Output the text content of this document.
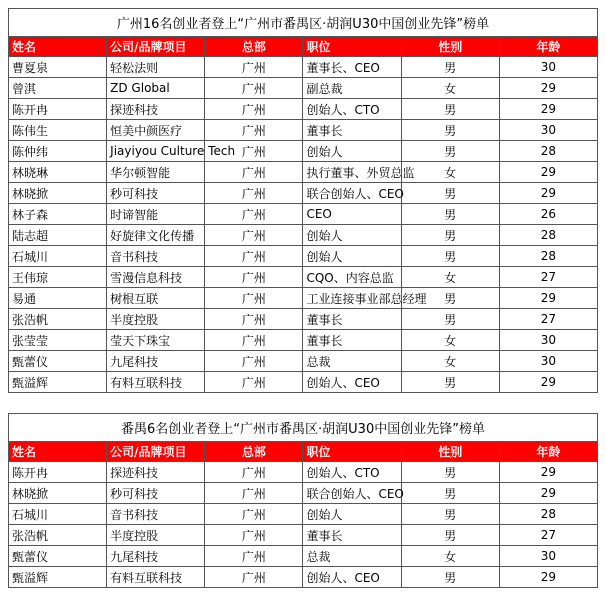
广州16名创业者登上“广州市番禺区·胡润U30中国创业先锋”榜单					
姓名	公司/品牌项目	总部	职位	性别	年龄
曹夏泉	轻松法则	广州	董事长、CEO	男	30
曾淇	ZD Global	广州	副总裁	女	29
陈开冉	探迹科技	广州	创始人、CTO	男	29
陈伟生	恒美中颜医疗	广州	董事长	男	30
陈仲纬	Jiayiyou Culture Tech	广州	创始人	男	28
林晓琳	华尔顿智能	广州	执行董事、外贸总监	女	29
林晓掀	秒可科技	广州	联合创始人、CEO	男	29
林子森	时谛智能	广州	CEO	男	26
陆志超	好旋律文化传播	广州	创始人	男	28
石城川	音书科技	广州	创始人	男	28
王伟琼	雪漫信息科技	广州	CQO、内容总监	女	27
易通	树根互联	广州	工业连接事业部总经理	男	29
张浩帆	半度控股	广州	董事长	男	27
张莹莹	莹天下珠宝	广州	董事长	女	30
甄蕾仪	九尾科技	广州	总裁	女	30
甄溢辉	有料互联科技	广州	创始人、CEO	男	29
番禺6名创业者登上“广州市番禺区·胡润U30中国创业先锋”榜单					
姓名	公司/品牌项目	总部	职位	性别	年龄
陈开冉	探迹科技	广州	创始人、CTO	男	29
林晓掀	秒可科技	广州	联合创始人、CEO	男	29
石城川	音书科技	广州	创始人	男	28
张浩帆	半度控股	广州	董事长	男	27
甄蕾仪	九尾科技	广州	总裁	女	30
甄溢辉	有料互联科技	广州	创始人、CEO	男	29
